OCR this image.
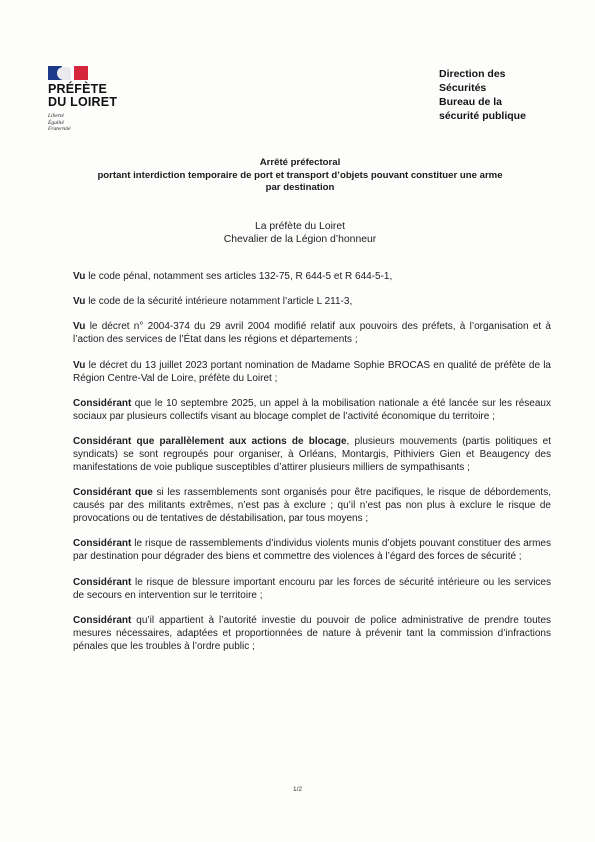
PRÉFÈTE
DU LOIRET
Liberté
Égalité
Fraternité
Direction des
Sécurités
Bureau de la
sécurité publique
Arrêté préfectoral
portant interdiction temporaire de port et transport d’objets pouvant constituer une arme
par destination
La préfète du Loiret
Chevalier de la Légion d’honneur

Vu le code pénal, notamment ses articles 132-75, R 644-5 et R 644-5-1,

Vu le code de la sécurité intérieure notamment l’article L 211-3,

Vu le décret n° 2004-374 du 29 avril 2004 modifié relatif aux pouvoirs des préfets, à l’organisation et à l’action des services de l’État dans les régions et départements ;

Vu le décret du 13 juillet 2023 portant nomination de Madame Sophie BROCAS en qualité de préfète de la Région Centre-Val de Loire, préfète du Loiret ;

Considérant que le 10 septembre 2025, un appel à la mobilisation nationale a été lancée sur les réseaux sociaux par plusieurs collectifs visant au blocage complet de l’activité économique du territoire ;

Considérant que parallèlement aux actions de blocage, plusieurs mouvements (partis politiques et syndicats) se sont regroupés pour organiser, à Orléans, Montargis, Pithiviers Gien et Beaugency des manifestations de voie publique susceptibles d’attirer plusieurs milliers de sympathisants ;

Considérant que si les rassemblements sont organisés pour être pacifiques, le risque de débordements, causés par des militants extrêmes, n’est pas à exclure ; qu’il n’est pas non plus à exclure le risque de provocations ou de tentatives de déstabilisation, par tous moyens ;

Considérant le risque de rassemblements d’individus violents munis d’objets pouvant constituer des armes par destination pour dégrader des biens et commettre des violences à l’égard des forces de sécurité ;

Considérant le risque de blessure important encouru par les forces de sécurité intérieure ou les services de secours en intervention sur le territoire ;

Considérant qu’il appartient à l’autorité investie du pouvoir de police administrative de prendre toutes mesures nécessaires, adaptées et proportionnées de nature à prévenir tant la commission d’infractions pénales que les troubles à l’ordre public ;

1/2
